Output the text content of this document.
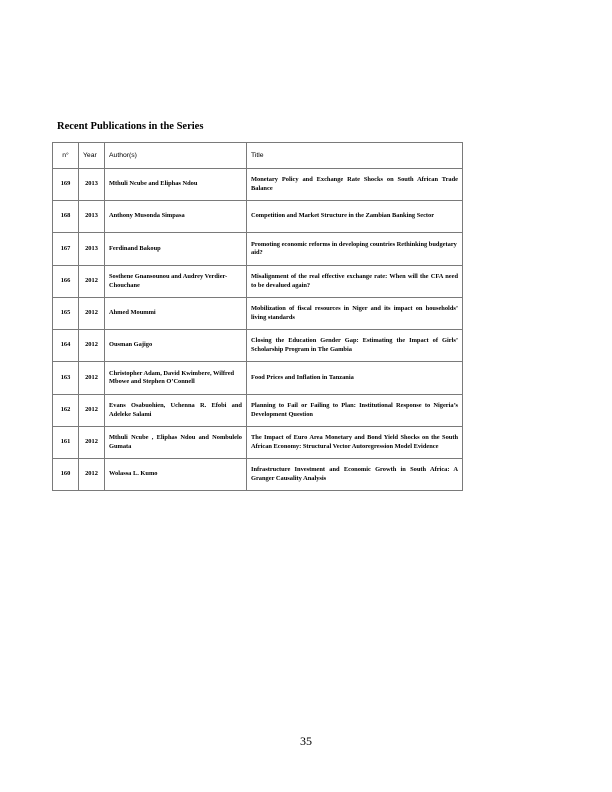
Recent Publications in the Series
n°	Year	Author(s)	Title
169	2013	Mthuli Ncube and Eliphas Ndou	Monetary Policy and Exchange Rate Shocks on South African Trade Balance
168	2013	Anthony Musonda Simpasa	Competition and Market Structure in the Zambian Banking Sector
167	2013	Ferdinand Bakoup	Promoting economic reforms in developing countries Rethinking budgetary aid?
166	2012	Sosthene Gnansounou and Audrey Verdier-Chouchane	Misalignment of the real effective exchange rate: When will the CFA need to be devalued again?
165	2012	Ahmed Moummi	Mobilization of fiscal resources in Niger and its impact on households’ living standards
164	2012	Ousman Gajigo	Closing the Education Gender Gap: Estimating the Impact of Girls’ Scholarship Program in The Gambia
163	2012	Christopher Adam, David Kwimbere, Wilfred Mbowe and Stephen O’Connell	Food Prices and Inflation in Tanzania
162	2012	Evans Osabuohien, Uchenna R. Efobi and Adeleke Salami	Planning to Fail or Failing to Plan: Institutional Response to Nigeria’s Development Question
161	2012	Mthuli Ncube , Eliphas Ndou and Nombulelo Gumata	The Impact of Euro Area Monetary and Bond Yield Shocks on the South African Economy: Structural Vector Autoregression Model Evidence
160	2012	Wolassa L. Kumo	Infrastructure Investment and Economic Growth in South Africa: A Granger Causality Analysis
35
